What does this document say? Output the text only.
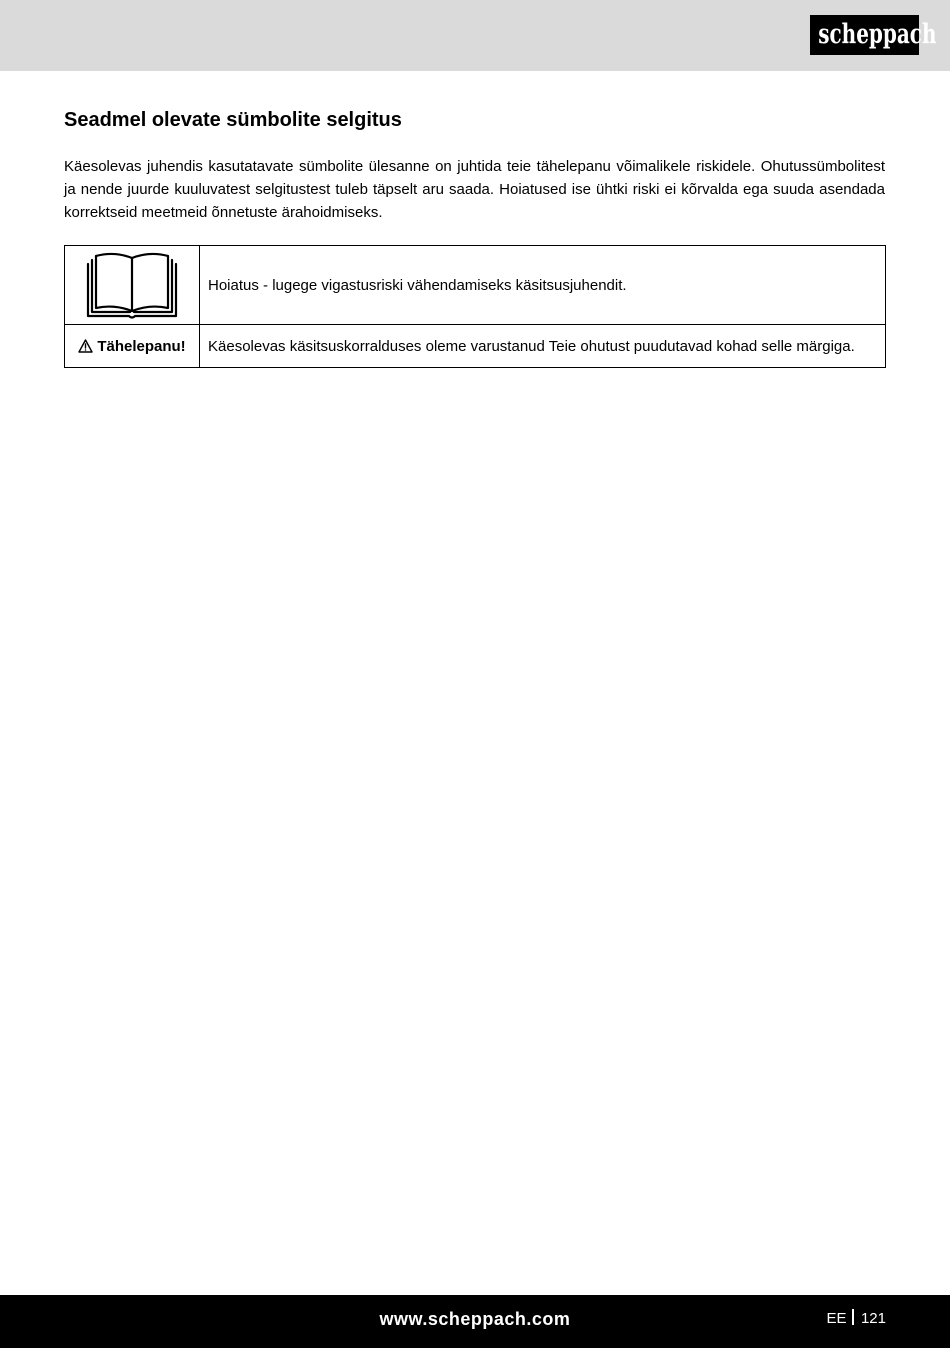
scheppach
Seadmel olevate sümbolite selgitus

Käesolevas juhendis kasutatavate sümbolite ülesanne on juhtida teie tähelepanu võimalikele riskidele. Ohutussümbolitest ja nende juurde kuuluvatest selgitustest tuleb täpselt aru saada. Hoiatused ise ühtki riski ei kõrvalda ega suuda asendada korrektseid meetmeid õnnetuste ärahoidmiseks.

	Hoiatus - lugege vigastusriski vähendamiseks käsitsusjuhendit.
Tähelepanu!	Käesolevas käsitsuskorralduses oleme varustanud Teie ohutust puudutavad kohad selle märgiga.
www.scheppach.com	EE 121
